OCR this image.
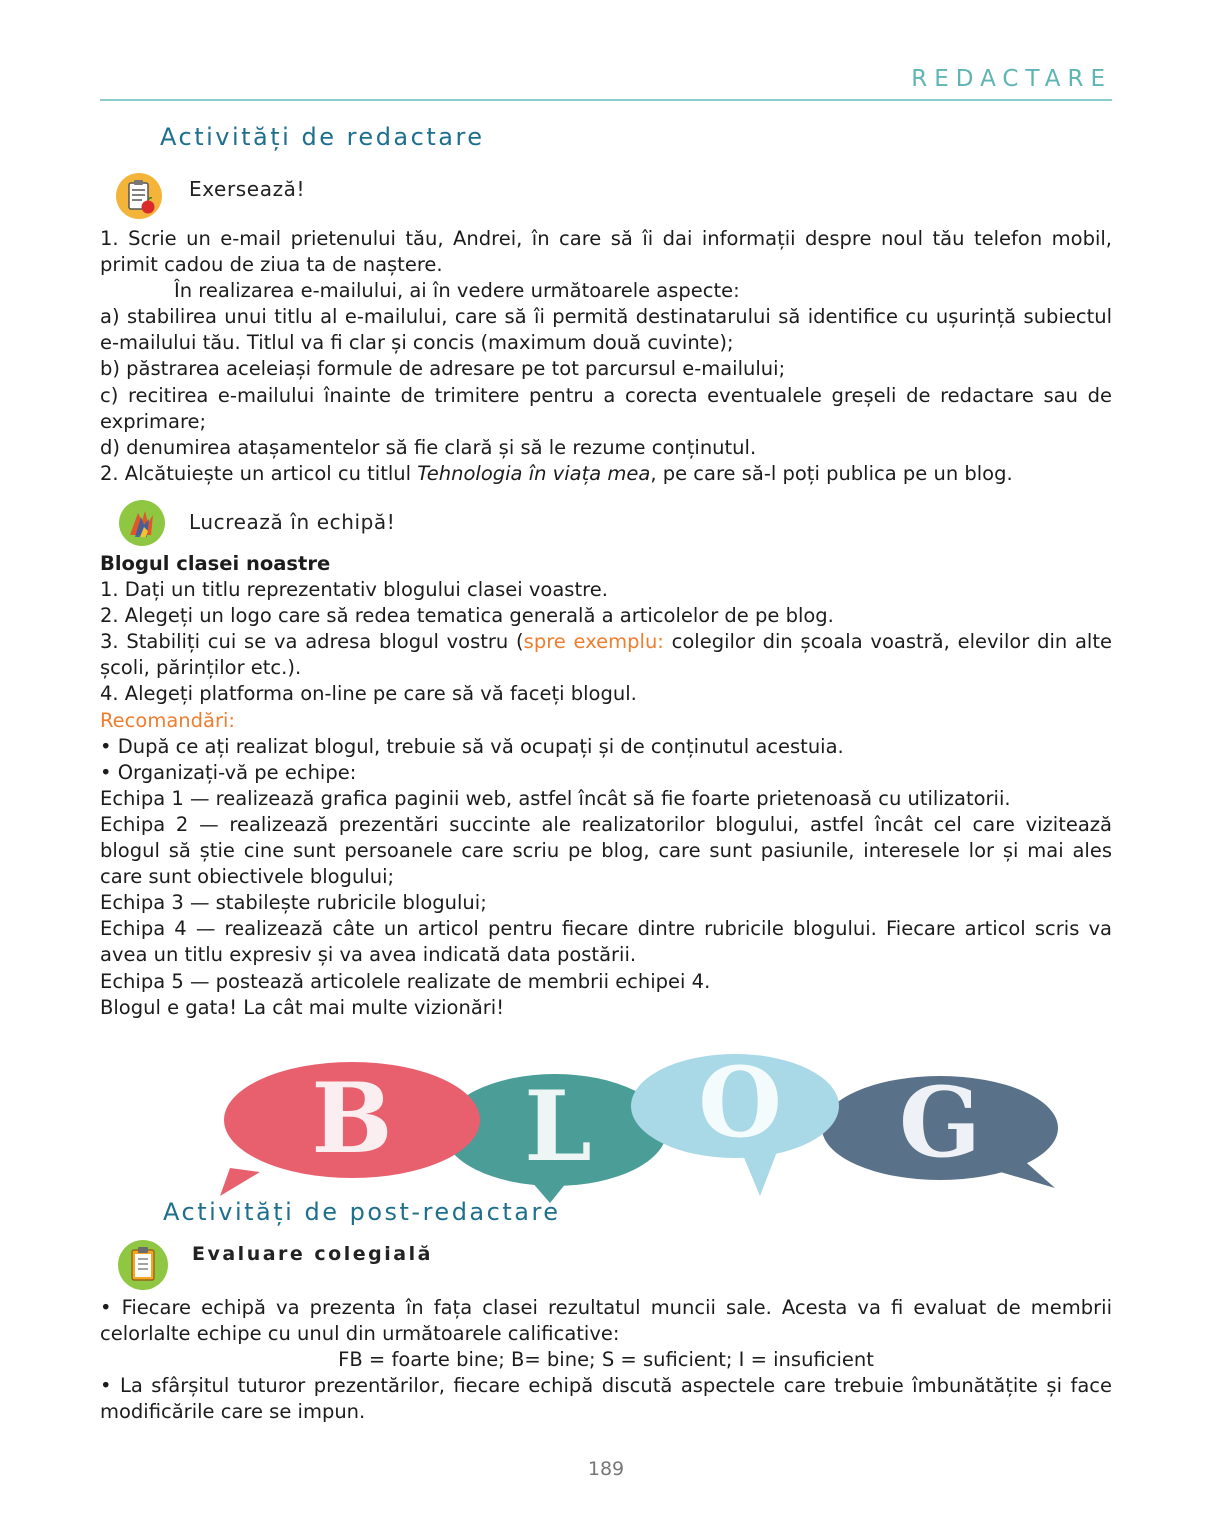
REDACTARE
Activități de redactare
Exersează!

1. Scrie un e-mail prietenului tău, Andrei, în care să îi dai informații despre noul tău telefon mobil, primit cadou de ziua ta de naștere.

În realizarea e-mailului, ai în vedere următoarele aspecte:

a) stabilirea unui titlu al e-mailului, care să îi permită destinatarului să identifice cu ușurință subiectul e-mailului tău. Titlul va fi clar și concis (maximum două cuvinte);

b) păstrarea aceleiași formule de adresare pe tot parcursul e-mailului;

c) recitirea e-mailului înainte de trimitere pentru a corecta eventualele greșeli de redactare sau de exprimare;

d) denumirea atașamentelor să fie clară și să le rezume conținutul.

2. Alcătuiește un articol cu titlul Tehnologia în viața mea, pe care să-l poți publica pe un blog.

Lucrează în echipă!

Blogul clasei noastre

1. Dați un titlu reprezentativ blogului clasei voastre.

2. Alegeți un logo care să redea tematica generală a articolelor de pe blog.

3. Stabiliți cui se va adresa blogul vostru (spre exemplu: colegilor din școala voastră, elevilor din alte școli, părinților etc.).

4. Alegeți platforma on-line pe care să vă faceți blogul.

Recomandări:

• După ce ați realizat blogul, trebuie să vă ocupați și de conținutul acestuia.

• Organizați-vă pe echipe:

Echipa 1 — realizează grafica paginii web, astfel încât să fie foarte prietenoasă cu utilizatorii.

Echipa 2 — realizează prezentări succinte ale realizatorilor blogului, astfel încât cel care vizitează blogul să știe cine sunt persoanele care scriu pe blog, care sunt pasiunile, interesele lor și mai ales care sunt obiectivele blogului;

Echipa 3 — stabilește rubricile blogului;

Echipa 4 — realizează câte un articol pentru fiecare dintre rubricile blogului. Fiecare articol scris va avea un titlu expresiv și va avea indicată data postării.

Echipa 5 — postează articolele realizate de membrii echipei 4.

Blogul e gata! La cât mai multe vizionări!

G
L O
B
Activități de post-redactare
Evaluare colegială

• Fiecare echipă va prezenta în fața clasei rezultatul muncii sale. Acesta va fi evaluat de membrii celorlalte echipe cu unul din următoarele calificative:

FB = foarte bine; B= bine; S = suficient; I = insuficient

• La sfârșitul tuturor prezentărilor, fiecare echipă discută aspectele care trebuie îmbunătățite și face modificările care se impun.

189
